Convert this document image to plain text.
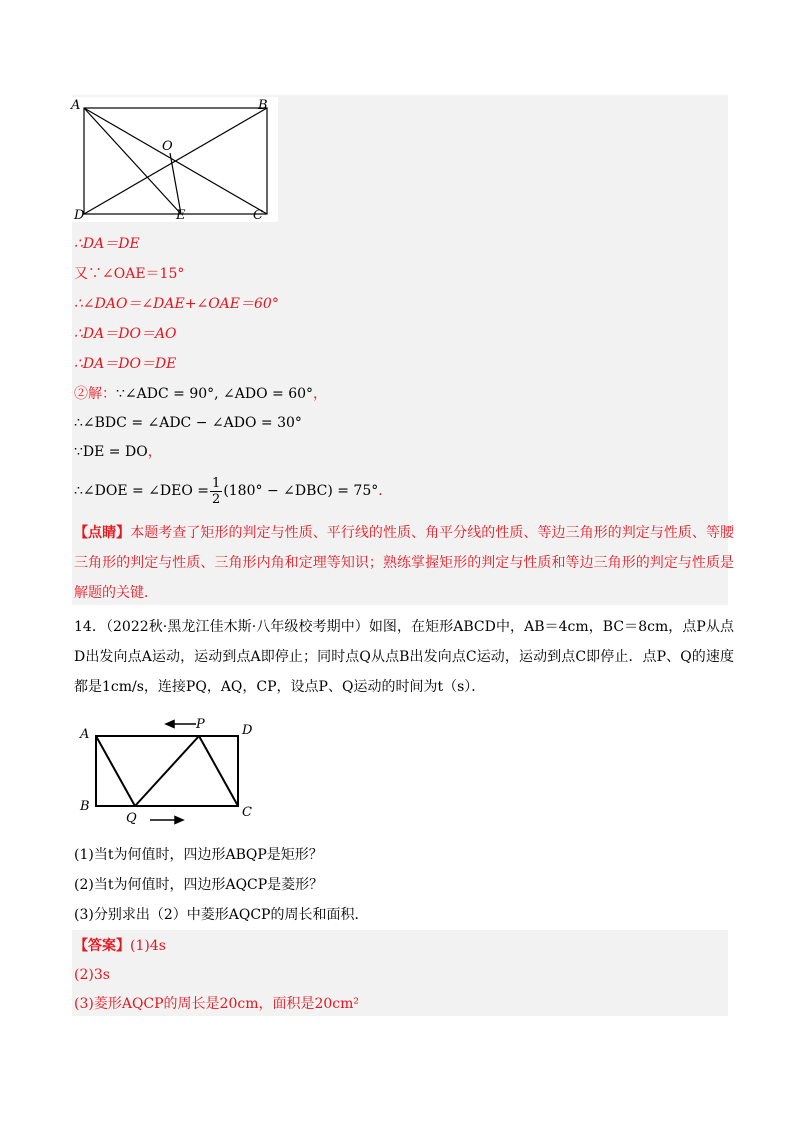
A	B
O
D	E	C
∴DA＝DE
又∵∠OAE＝15°
∴∠DAO＝∠DAE+∠OAE＝60°
∴DA＝DO＝AO
∴DA＝DO＝DE
②解：∵∠ADC = 90°, ∠ADO = 60°，
∴∠BDC = ∠ADC − ∠ADO = 30°
∵DE = DO，
∴∠DOE = ∠DEO = $\frac{1}{2} (180^\circ$ − ∠DBC) = 75°．
【点睛】本题考查了矩形的判定与性质、平行线的性质、角平分线的性质、等边三角形的判定与性质、等腰三角形的判定与性质、三角形内角和定理等知识；熟练掌握矩形的判定与性质和等边三角形的判定与性质是解题的关键．
14．（2022秋·黑龙江佳木斯·八年级校考期中）如图，在矩形ABCD中，AB＝4cm，BC＝8cm，点P从点D出发向点A运动，运动到点A即停止；同时点Q从点B出发向点C运动，运动到点C即停止．点P、Q的速度都是1cm/s，连接PQ，AQ，CP，设点P、Q运动的时间为t（s）．
A
P	D
B
Q	C
(1)当t为何值时，四边形ABQP是矩形？
(2)当t为何值时，四边形AQCP是菱形？
(3)分别求出（2）中菱形AQCP的周长和面积．
【答案】(1)4s
(2)3s
(3)菱形AQCP的周长是20cm，面积是20cm²
